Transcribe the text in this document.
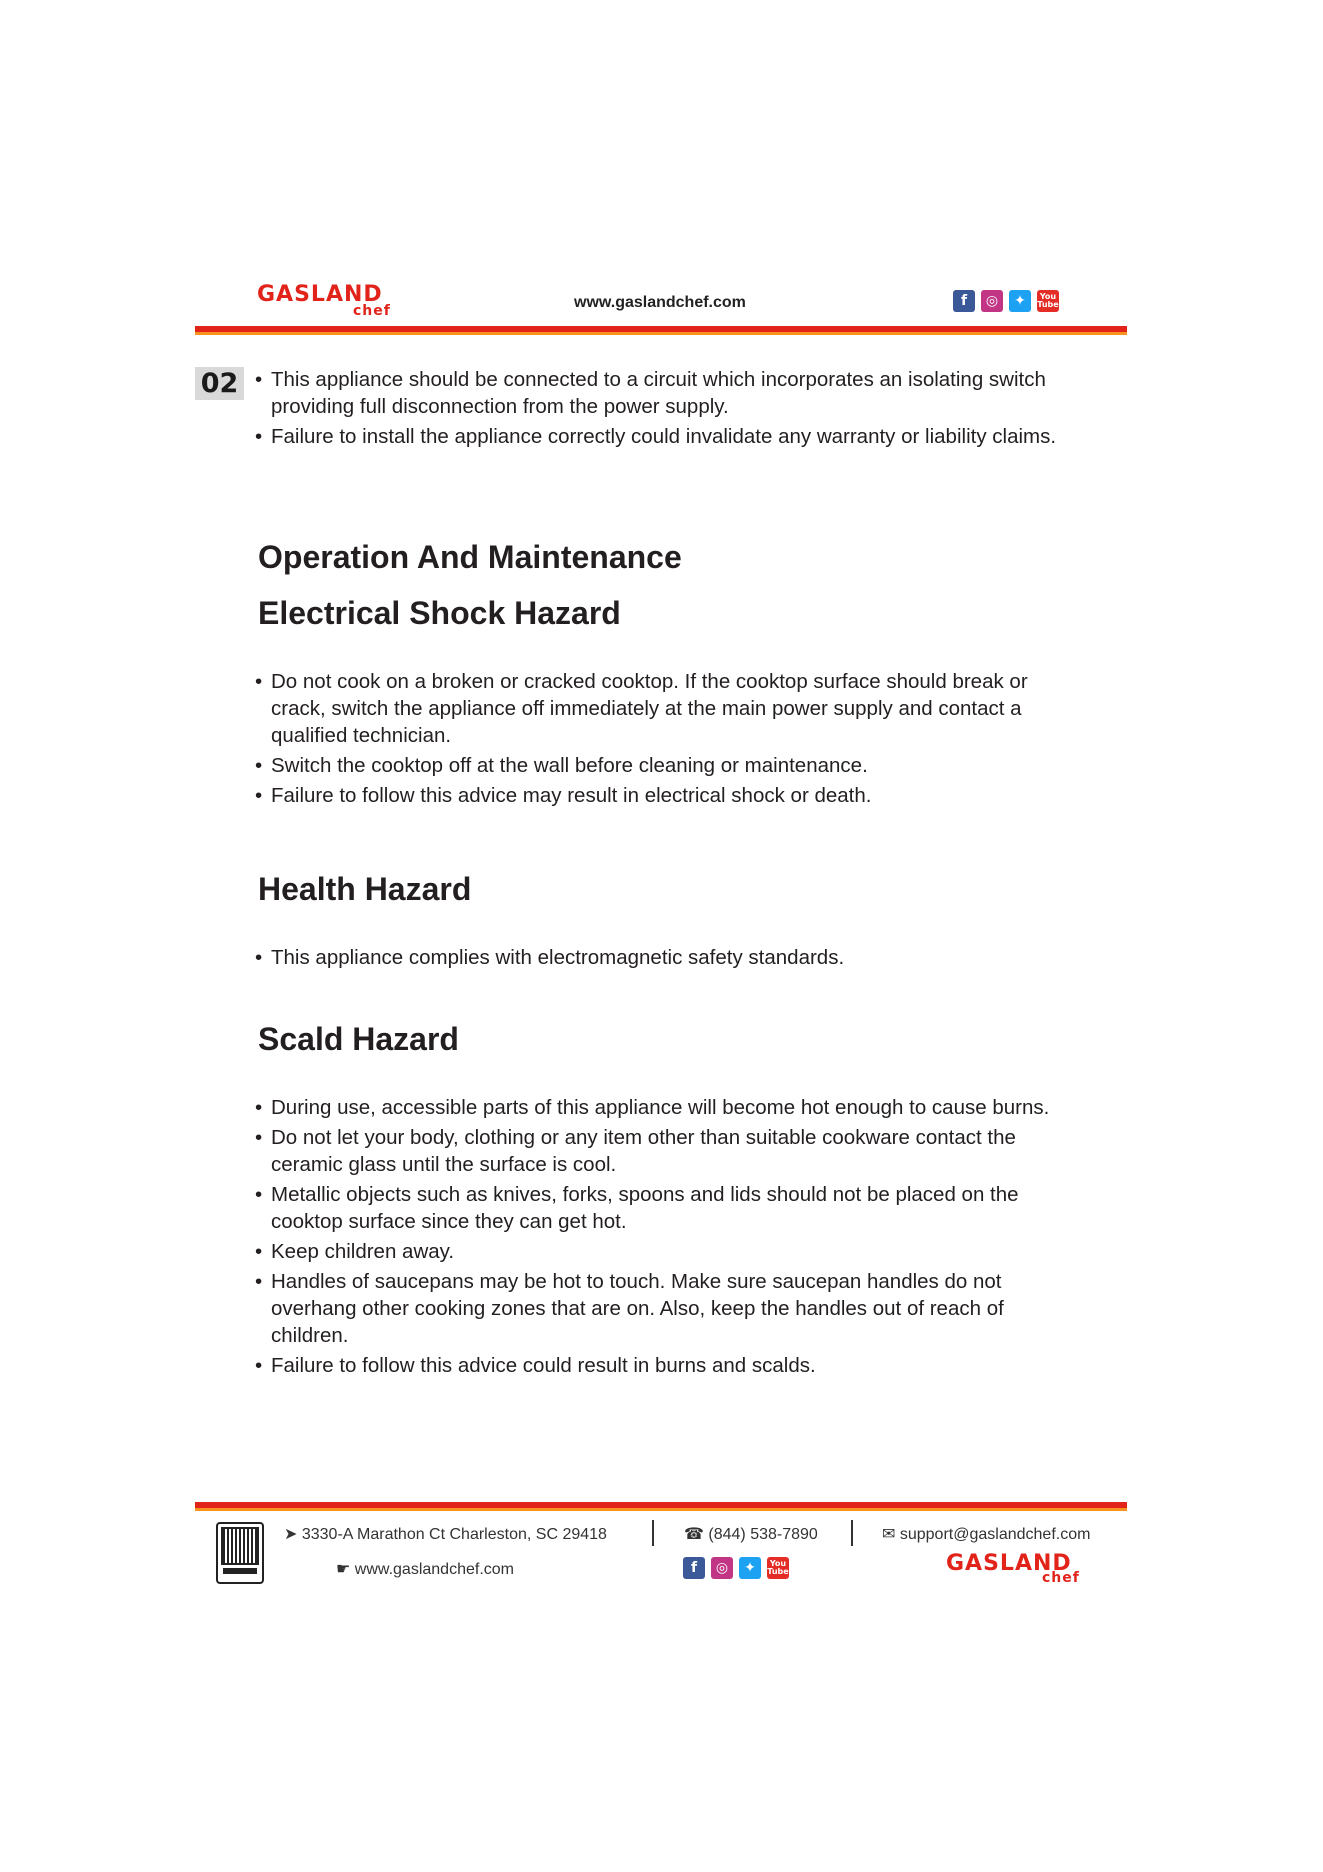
GASLAND
chef	www.gaslandchef.com	f	◎	✦	You
Tube
02
•	This appliance should be connected to a circuit which incorporates an isolating switch providing full disconnection from the power supply.
• Failure to install the appliance correctly could invalidate any warranty or liability claims.
Operation And Maintenance
Electrical Shock Hazard
• Do not cook on a broken or cracked cooktop. If the cooktop surface should break or crack, switch the appliance off immediately at the main power supply and contact a qualified technician.
• Switch the cooktop off at the wall before cleaning or maintenance.
• Failure to follow this advice may result in electrical shock or death.
Health Hazard
• This appliance complies with electromagnetic safety standards.
Scald Hazard
• During use, accessible parts of this appliance will become hot enough to cause burns.
• Do not let your body, clothing or any item other than suitable cookware contact the ceramic glass until the surface is cool.
• Metallic objects such as knives, forks, spoons and lids should not be placed on the cooktop surface since they can get hot.
• Keep children away.
• Handles of saucepans may be hot to touch. Make sure saucepan handles do not overhang other cooking zones that are on. Also, keep the handles out of reach of children.
• Failure to follow this advice could result in burns and scalds.
➤ 3330-A Marathon Ct Charleston, SC 29418	☎ (844) 538-7890	✉ support@gaslandchef.com
☛ www.gaslandchef.com	f	◎	✦	You
Tube	GASLAND
chef
